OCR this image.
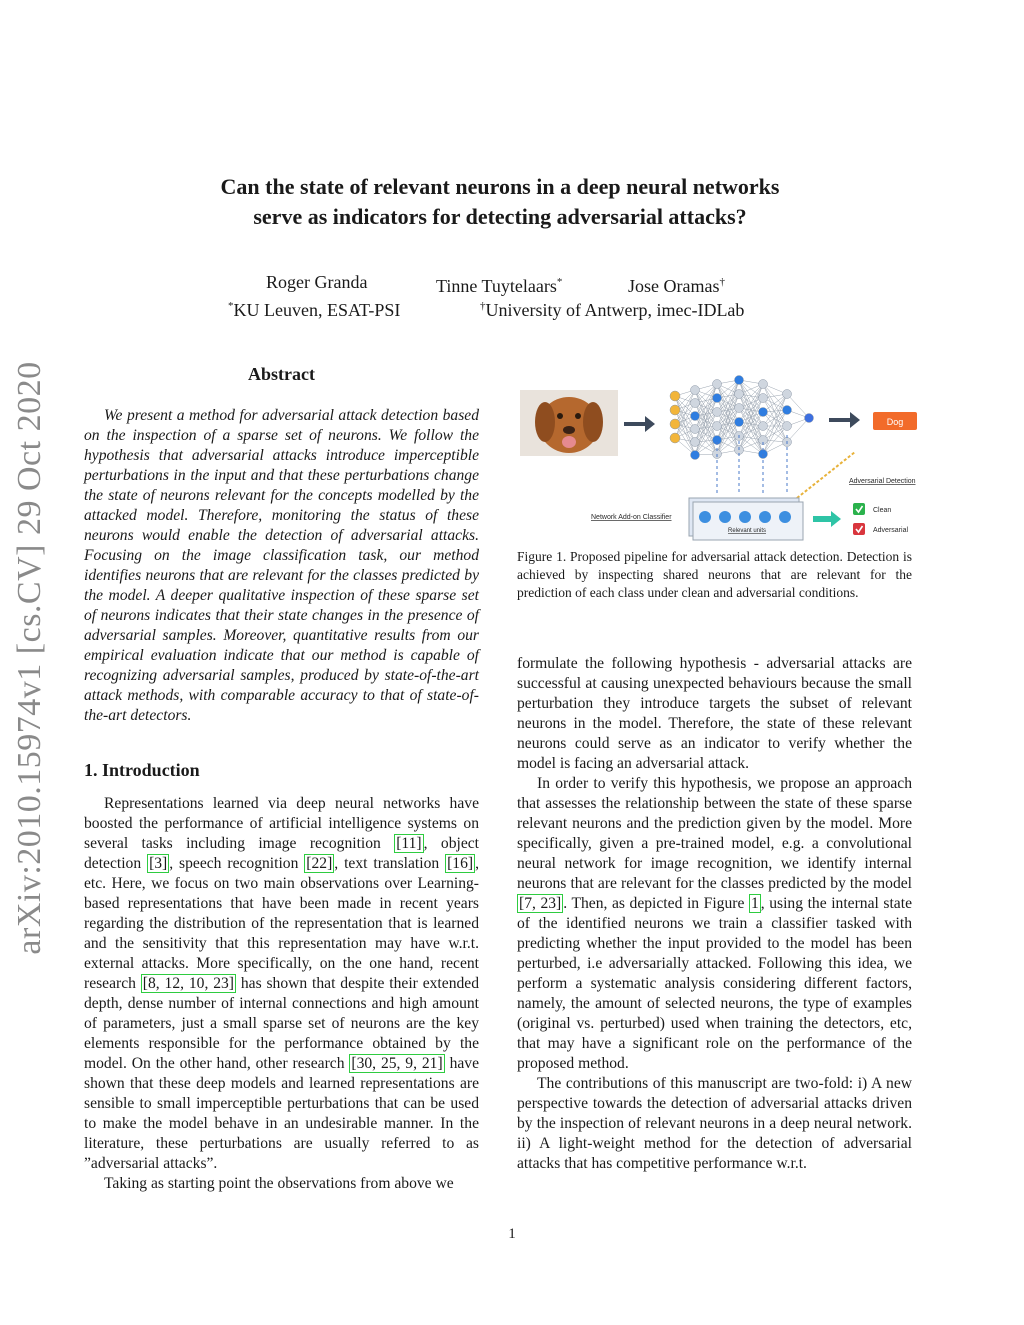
Can the state of relevant neurons in a deep neural networks
serve as indicators for detecting adversarial attacks?
Roger Granda	Tinne Tuytelaars*	Jose Oramas†
*KU Leuven, ESAT-PSI	†University of Antwerp, imec-IDLab
arXiv:2010.15974v1 [cs.CV] 29 Oct 2020	Abstract

We present a method for adversarial attack detection based on the inspection of a sparse set of neurons. We follow the hypothesis that adversarial attacks introduce imperceptible perturbations in the input and that these perturbations change the state of neurons relevant for the concepts modelled by the attacked model. Therefore, monitoring the status of these neurons would enable the detection of adversarial attacks. Focusing on the image classification task, our method identifies neurons that are relevant for the classes predicted by the model. A deeper qualitative inspection of these sparse set of neurons indicates that their state changes in the presence of adversarial samples. Moreover, quantitative results from our empirical evaluation indicate that our method is capable of recognizing adversarial samples, produced by state-of-the-art attack methods, with comparable accuracy to that of state-of-the-art detectors.

1. Introduction

Representations learned via deep neural networks have boosted the performance of artificial intelligence systems on several tasks including image recognition [11] , object detection [3] , speech recognition [22] , text translation [16] , etc. Here, we focus on two main observations over Learning-based representations that have been made in recent years regarding the distribution of the representation that is learned and the sensitivity that this representation may have w.r.t. external attacks. More specifically, on the one hand, recent research [8, 12, 10, 23] has shown that despite their extended depth, dense number of internal connections and high amount of parameters, just a small sparse set of neurons are the key elements responsible for the performance obtained by the model. On the other hand, other research [30, 25, 9, 21] have shown that these deep models and learned representations are sensible to small imperceptible perturbations that can be used to make the model behave in an undesirable manner. In the literature, these perturbations are usually referred to as ”adversarial attacks”.

Taking as starting point the observations from above we

Dog
Network Add-on Classifier
Relevant units
Adversarial Detection
Clean
Adversarial
Figure 1. Proposed pipeline for adversarial attack detection. Detection is achieved by inspecting shared neurons that are relevant for the prediction of each class under clean and adversarial conditions.

formulate the following hypothesis - adversarial attacks are successful at causing unexpected behaviours because the small perturbation they introduce targets the subset of relevant neurons in the model. Therefore, the state of these relevant neurons could serve as an indicator to verify whether the model is facing an adversarial attack.

In order to verify this hypothesis, we propose an approach that assesses the relationship between the state of these sparse relevant neurons and the prediction given by the model. More specifically, given a pre-trained model, e.g. a convolutional neural network for image recognition, we identify internal neurons that are relevant for the classes predicted by the model [7, 23] . Then, as depicted in Figure 1 , using the internal state of the identified neurons we train a classifier tasked with predicting whether the input provided to the model has been perturbed, i.e adversarially attacked. Following this idea, we perform a systematic analysis considering different factors, namely, the amount of selected neurons, the type of examples (original vs. perturbed) used when training the detectors, etc, that may have a significant role on the performance of the proposed method.

The contributions of this manuscript are two-fold: i) A new perspective towards the detection of adversarial attacks driven by the inspection of relevant neurons in a deep neural network. ii) A light-weight method for the detection of adversarial attacks that has competitive performance w.r.t.

1
